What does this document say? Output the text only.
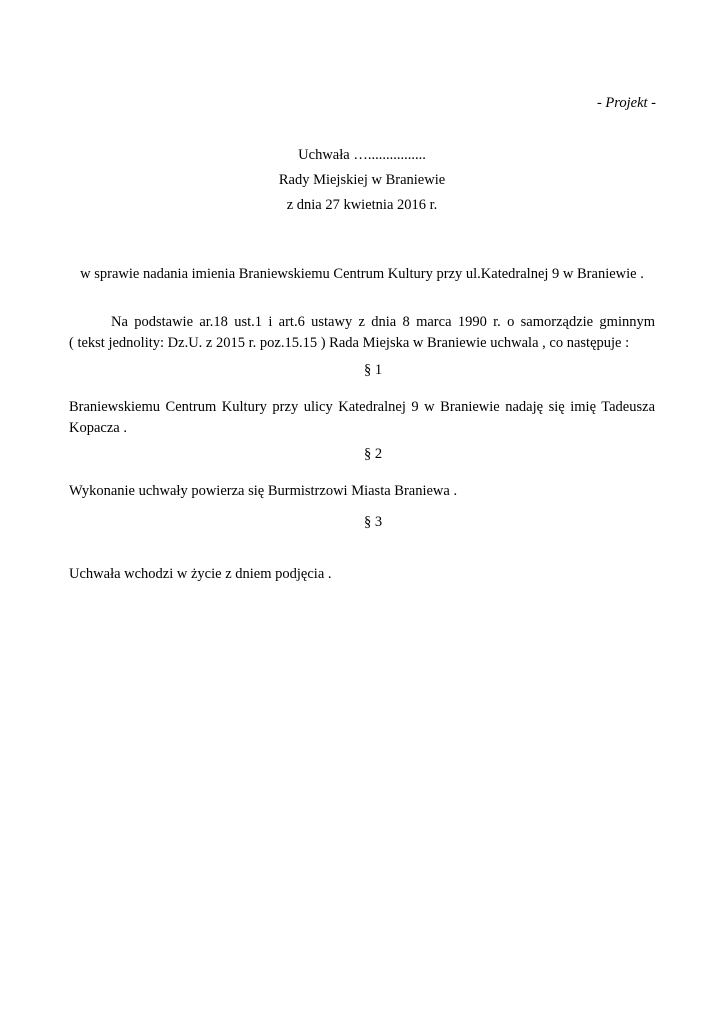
- Projekt -
Uchwała …................
Rady Miejskiej w Braniewie
z dnia 27 kwietnia 2016 r.
w sprawie nadania imienia Braniewskiemu Centrum Kultury przy ul.Katedralnej 9 w Braniewie .
Na podstawie ar.18 ust.1 i art.6 ustawy z dnia 8 marca 1990 r. o samorządzie gminnym
( tekst jednolity: Dz.U. z 2015 r. poz.15.15 ) Rada Miejska w Braniewie uchwala , co następuje :
§ 1
Braniewskiemu Centrum Kultury przy ulicy Katedralnej 9 w Braniewie nadaję się imię Tadeusza
Kopacza .
§ 2
Wykonanie uchwały powierza się Burmistrzowi Miasta Braniewa .
§ 3
Uchwała wchodzi w życie z dniem podjęcia .
